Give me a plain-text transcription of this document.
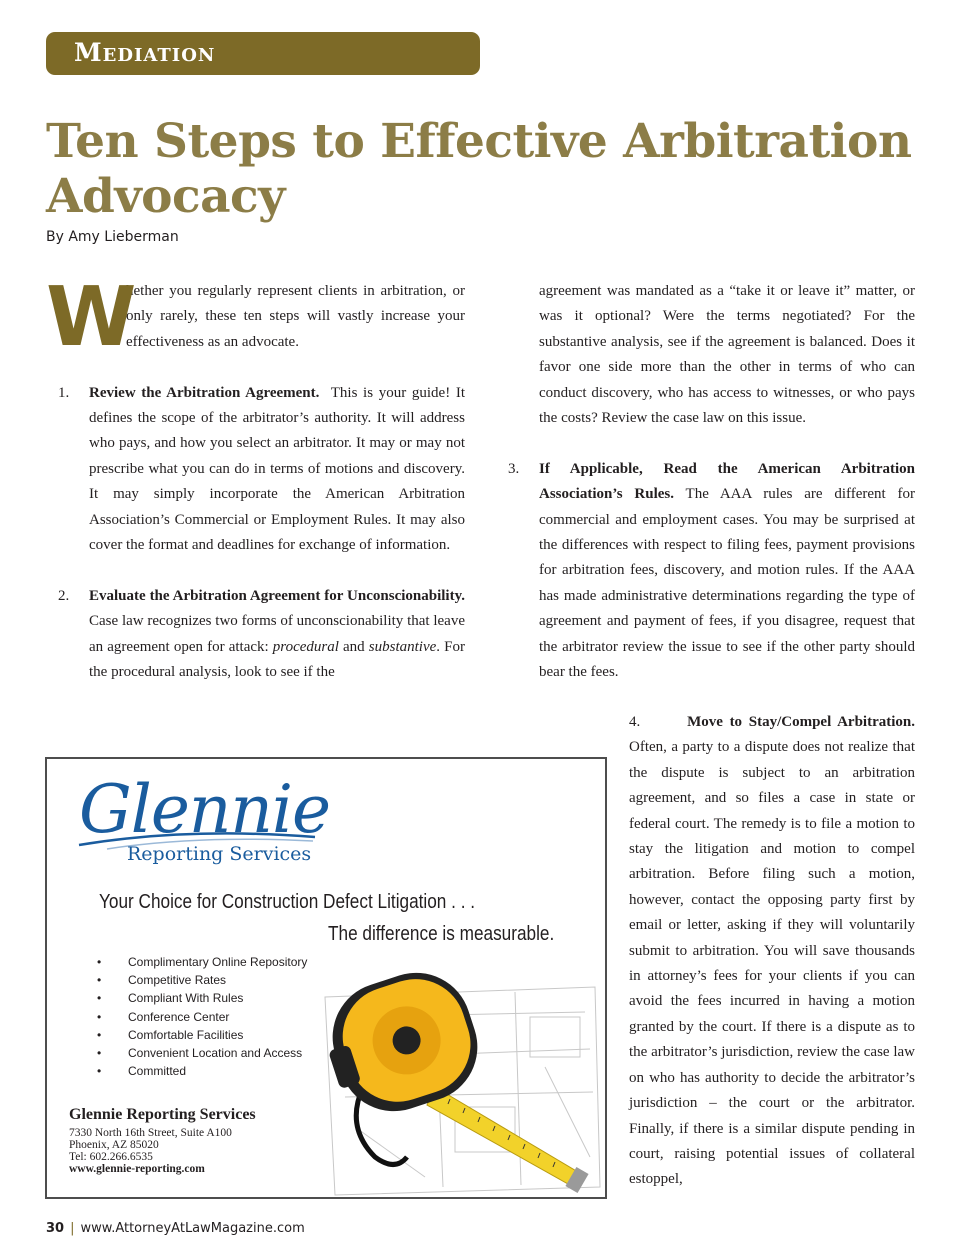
Mediation
Ten Steps to Effective Arbitration Advocacy
By Amy Lieberman
W

hether you regularly represent clients in arbitration, or only rarely, these ten steps will vastly increase your effectiveness as an advocate.

1. Review the Arbitration Agreement. This is your guide! It defines the scope of the arbitrator’s authority. It will address who pays, and how you select an arbitrator. It may or may not prescribe what you can do in terms of motions and discovery. It may simply incorporate the American Arbitration Association’s Commercial or Employment Rules. It may also cover the format and deadlines for exchange of information.

2. Evaluate the Arbitration Agreement for Unconscionability. Case law recognizes two forms of unconscionability that leave an agreement open for attack: procedural and substantive. For the procedural analysis, look to see if the

agreement was mandated as a “take it or leave it” matter, or was it optional? Were the terms negotiated? For the substantive analysis, see if the agreement is balanced. Does it favor one side more than the other in terms of who can conduct discovery, who has access to witnesses, or who pays the costs? Review the case law on this issue.

3. If Applicable, Read the American Arbitration Association’s Rules. The AAA rules are different for commercial and employment cases. You may be surprised at the differences with respect to filing fees, payment provisions for arbitration fees, discovery, and motion rules. If the AAA has made administrative determinations regarding the type of agreement and payment of fees, if you disagree, request that the arbitrator review the issue to see if the other party should bear the fees.

4.	Move to Stay/Compel Arbitration. Often, a party to a dispute does not realize that the dispute is subject to an arbitration agreement, and so files a case in state or federal court. The remedy is to file a motion to stay the litigation and motion to compel arbitration. Before filing such a motion, however, contact the opposing party first by email or letter, asking if they will voluntarily submit to arbitration. You will save thousands in attorney’s fees for your clients if you can avoid the fees incurred in having a motion granted by the court. If there is a dispute as to the arbitrator’s jurisdiction, review the case law on who has authority to decide the arbitrator’s jurisdiction – the court or the arbitrator. Finally, if there is a similar dispute pending in court, raising potential issues of collateral estoppel,

Glennie
Reporting Services
Your Choice for Construction Defect Litigation . . .
The difference is measurable.
• Complimentary Online Repository
• Competitive Rates
• Compliant With Rules
• Conference Center
• Comfortable Facilities
• Convenient Location and Access
• Committed
Glennie Reporting Services
7330 North 16th Street, Suite A100
Phoenix, AZ 85020
Tel: 602.266.6535
www.glennie-reporting.com
30 | www.AttorneyAtLawMagazine.com
